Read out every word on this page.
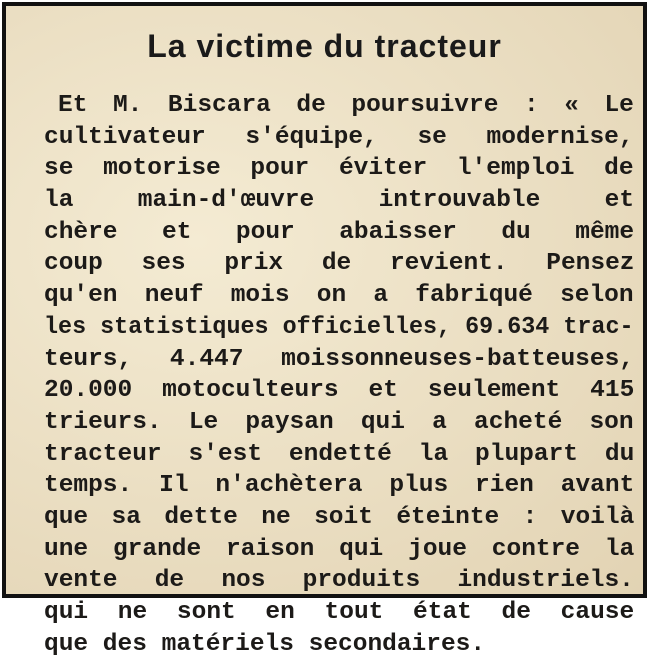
La victime du tracteur
Et M. Biscara de poursuivre : « Le
cultivateur s'équipe, se modernise,
se motorise pour éviter l'emploi de
la main-d'œuvre introuvable et
chère et pour abaisser du même
coup ses prix de revient. Pensez
qu'en neuf mois on a fabriqué selon
les statistiques officielles, 69.634 trac-
teurs, 4.447 moissonneuses-batteuses,
20.000 motoculteurs et seulement 415
trieurs. Le paysan qui a acheté son
tracteur s'est endetté la plupart du
temps. Il n'achètera plus rien avant
que sa dette ne soit éteinte : voilà
une grande raison qui joue contre la
vente de nos produits industriels.
qui ne sont en tout état de cause
que des matériels secondaires.
